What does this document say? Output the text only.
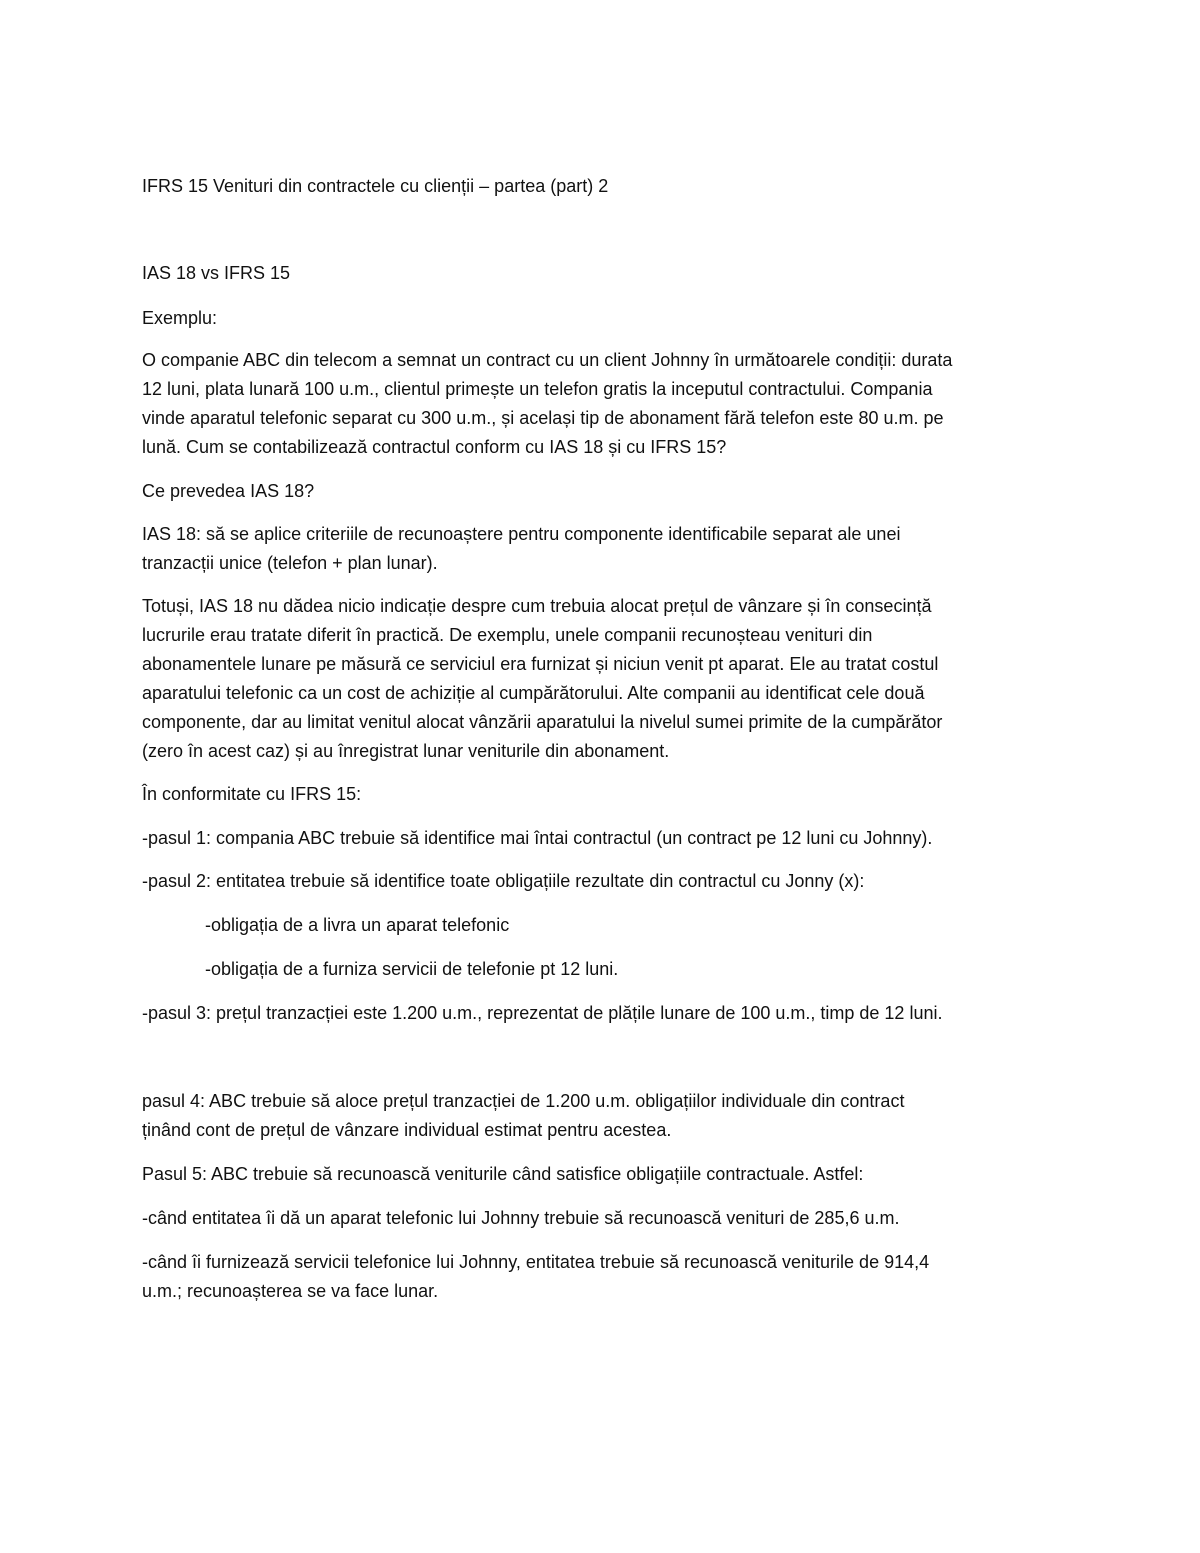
IFRS 15 Venituri din contractele cu clienții – partea (part) 2

IAS 18 vs IFRS 15

Exemplu:

O companie ABC din telecom a semnat un contract cu un client Johnny în următoarele condiții: durata
12 luni, plata lunară 100 u.m., clientul primește un telefon gratis la inceputul contractului. Compania
vinde aparatul telefonic separat cu 300 u.m., și același tip de abonament fără telefon este 80 u.m. pe
lună. Cum se contabilizează contractul conform cu IAS 18 și cu IFRS 15?

Ce prevedea IAS 18?

IAS 18: să se aplice criteriile de recunoaștere pentru componente identificabile separat ale unei
tranzacții unice (telefon + plan lunar).

Totuși, IAS 18 nu dădea nicio indicație despre cum trebuia alocat prețul de vânzare și în consecință
lucrurile erau tratate diferit în practică. De exemplu, unele companii recunoșteau venituri din
abonamentele lunare pe măsură ce serviciul era furnizat și niciun venit pt aparat. Ele au tratat costul
aparatului telefonic ca un cost de achiziție al cumpărătorului. Alte companii au identificat cele două
componente, dar au limitat venitul alocat vânzării aparatului la nivelul sumei primite de la cumpărător
(zero în acest caz) și au înregistrat lunar veniturile din abonament.

În conformitate cu IFRS 15:

-pasul 1: compania ABC trebuie să identifice mai întai contractul (un contract pe 12 luni cu Johnny).

-pasul 2: entitatea trebuie să identifice toate obligațiile rezultate din contractul cu Jonny (x):

-obligația de a livra un aparat telefonic

-obligația de a furniza servicii de telefonie pt 12 luni.

-pasul 3: prețul tranzacției este 1.200 u.m., reprezentat de plățile lunare de 100 u.m., timp de 12 luni.

pasul 4: ABC trebuie să aloce prețul tranzacției de 1.200 u.m. obligațiilor individuale din contract
ținând cont de prețul de vânzare individual estimat pentru acestea.

Pasul 5: ABC trebuie să recunoască veniturile când satisfice obligațiile contractuale. Astfel:

-când entitatea îi dă un aparat telefonic lui Johnny trebuie să recunoască venituri de 285,6 u.m.

-când îi furnizează servicii telefonice lui Johnny, entitatea trebuie să recunoască veniturile de 914,4
u.m.; recunoașterea se va face lunar.
